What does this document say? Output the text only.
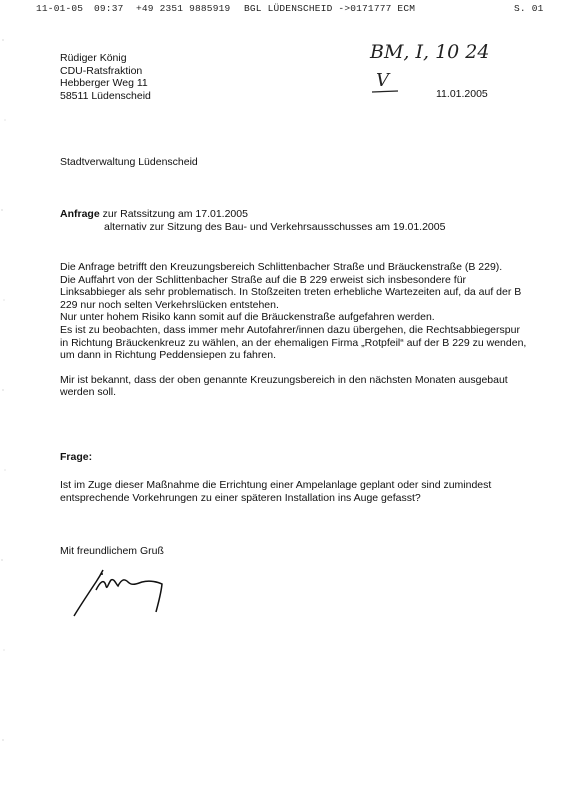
11-01-05 09:37 +49 2351 9885919 BGL LÜDENSCHEID ->0171777 ECM	S. 01
Rüdiger König
CDU-Ratsfraktion
Hebberger Weg 11
58511 Lüdenscheid
BM, I, 10 24
V
11.01.2005
Stadtverwaltung Lüdenscheid
Anfrage zur Ratssitzung am 17.01.2005
alternativ zur Sitzung des Bau- und Verkehrsausschusses am 19.01.2005

Die Anfrage betrifft den Kreuzungsbereich Schlittenbacher Straße und Bräuckenstraße (B 229).

Die Auffahrt von der Schlittenbacher Straße auf die B 229 erweist sich insbesondere für Linksabbieger als sehr problematisch. In Stoßzeiten treten erhebliche Wartezeiten auf, da auf der B 229 nur noch selten Verkehrslücken entstehen.

Nur unter hohem Risiko kann somit auf die Bräuckenstraße aufgefahren werden.

Es ist zu beobachten, dass immer mehr Autofahrer/innen dazu übergehen, die Rechtsabbiegerspur in Richtung Bräuckenkreuz zu wählen, an der ehemaligen Firma „Rotpfeil“ auf der B 229 zu wenden, um dann in Richtung Peddensiepen zu fahren.

Mir ist bekannt, dass der oben genannte Kreuzungsbereich in den nächsten Monaten ausgebaut werden soll.

Frage:
Ist im Zuge dieser Maßnahme die Errichtung einer Ampelanlage geplant oder sind zumindest entsprechende Vorkehrungen zu einer späteren Installation ins Auge gefasst?
Mit freundlichem Gruß
